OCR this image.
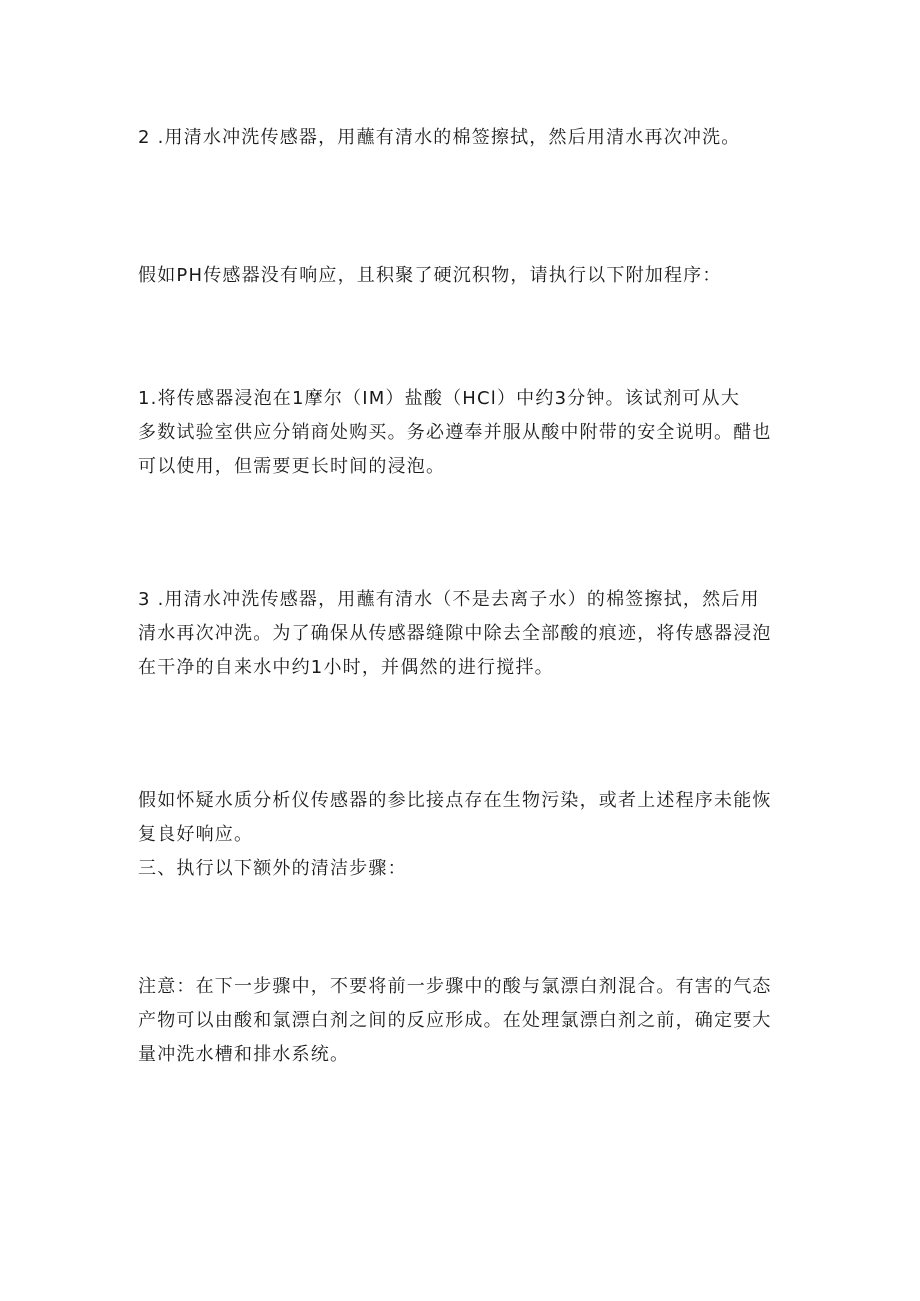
2 .用清水冲洗传感器，用蘸有清水的棉签擦拭，然后用清水再次冲洗。

假如PH传感器没有响应，且积聚了硬沉积物，请执行以下附加程序：

1.将传感器浸泡在1摩尔（IM）盐酸（HCl）中约3分钟。该试剂可从大
多数试验室供应分销商处购买。务必遵奉并服从酸中附带的安全说明。醋也
可以使用，但需要更长时间的浸泡。

3 .用清水冲洗传感器，用蘸有清水（不是去离子水）的棉签擦拭，然后用
清水再次冲洗。为了确保从传感器缝隙中除去全部酸的痕迹，将传感器浸泡
在干净的自来水中约1小时，并偶然的进行搅拌。

假如怀疑水质分析仪传感器的参比接点存在生物污染，或者上述程序未能恢
复良好响应。
三、执行以下额外的清洁步骤：

注意：在下一步骤中，不要将前一步骤中的酸与氯漂白剂混合。有害的气态
产物可以由酸和氯漂白剂之间的反应形成。在处理氯漂白剂之前，确定要大
量冲洗水槽和排水系统。
